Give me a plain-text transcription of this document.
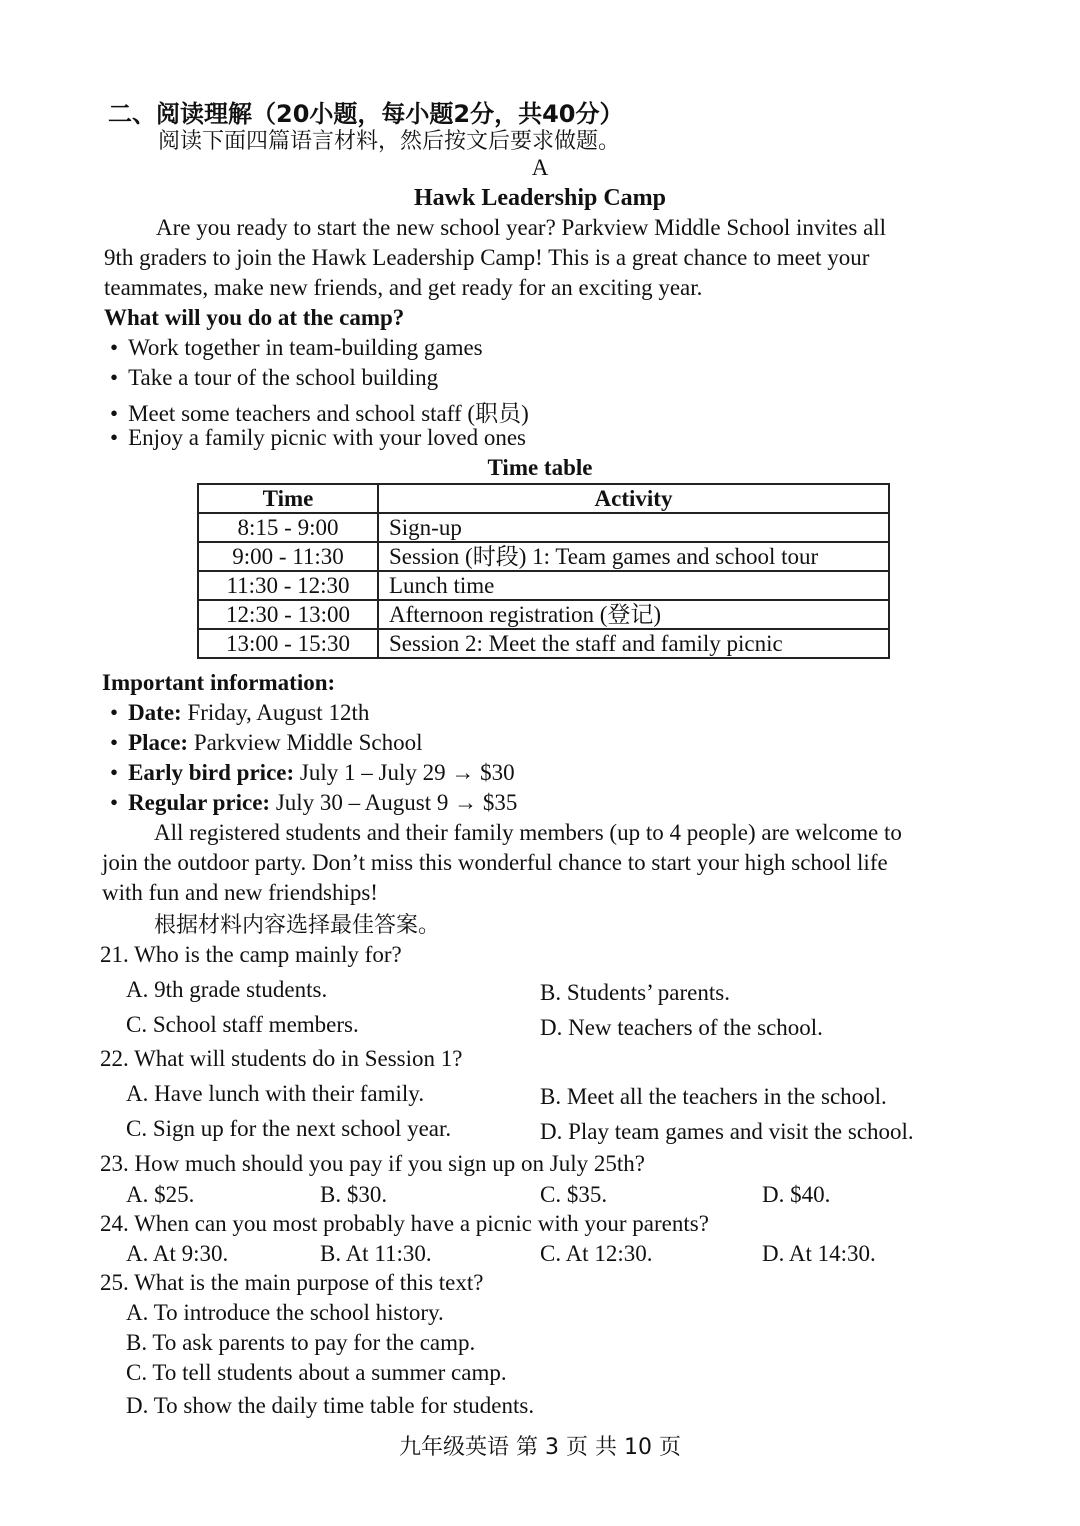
二、阅读理解（20小题，每小题2分，共40分）
阅读下面四篇语言材料，然后按文后要求做题。
A
Hawk Leadership Camp
Are you ready to start the new school year? Parkview Middle School invites all
9th graders to join the Hawk Leadership Camp! This is a great chance to meet your
teammates, make new friends, and get ready for an exciting year.
What will you do at the camp?
• Work together in team-building games
• Take a tour of the school building
• Meet some teachers and school staff (职员)
• Enjoy a family picnic with your loved ones
Time table
Time	Activity
8:15 - 9:00	Sign-up
9:00 - 11:30	Session (时段) 1: Team games and school tour
11:30 - 12:30	Lunch time
12:30 - 13:00	Afternoon registration (登记)
13:00 - 15:30	Session 2: Meet the staff and family picnic
Important information:
• Date: Friday, August 12th
• Place: Parkview Middle School
• Early bird price: July 1 – July 29 → $30
• Regular price: July 30 – August 9 → $35
All registered students and their family members (up to 4 people) are welcome to
join the outdoor party. Don’t miss this wonderful chance to start your high school life
with fun and new friendships!
根据材料内容选择最佳答案。
21. Who is the camp mainly for?
A. 9th grade students.	B. Students’ parents.
C. School staff members.	D. New teachers of the school.
22. What will students do in Session 1?
A. Have lunch with their family.	B. Meet all the teachers in the school.
C. Sign up for the next school year.	D. Play team games and visit the school.
23. How much should you pay if you sign up on July 25th?
A. $25.	B. $30.	C. $35.	D. $40.
24. When can you most probably have a picnic with your parents?
A. At 9:30.	B. At 11:30.	C. At 12:30.	D. At 14:30.
25. What is the main purpose of this text?
A. To introduce the school history.
B. To ask parents to pay for the camp.
C. To tell students about a summer camp.
D. To show the daily time table for students.
九年级英语 第 3 页 共 10 页
